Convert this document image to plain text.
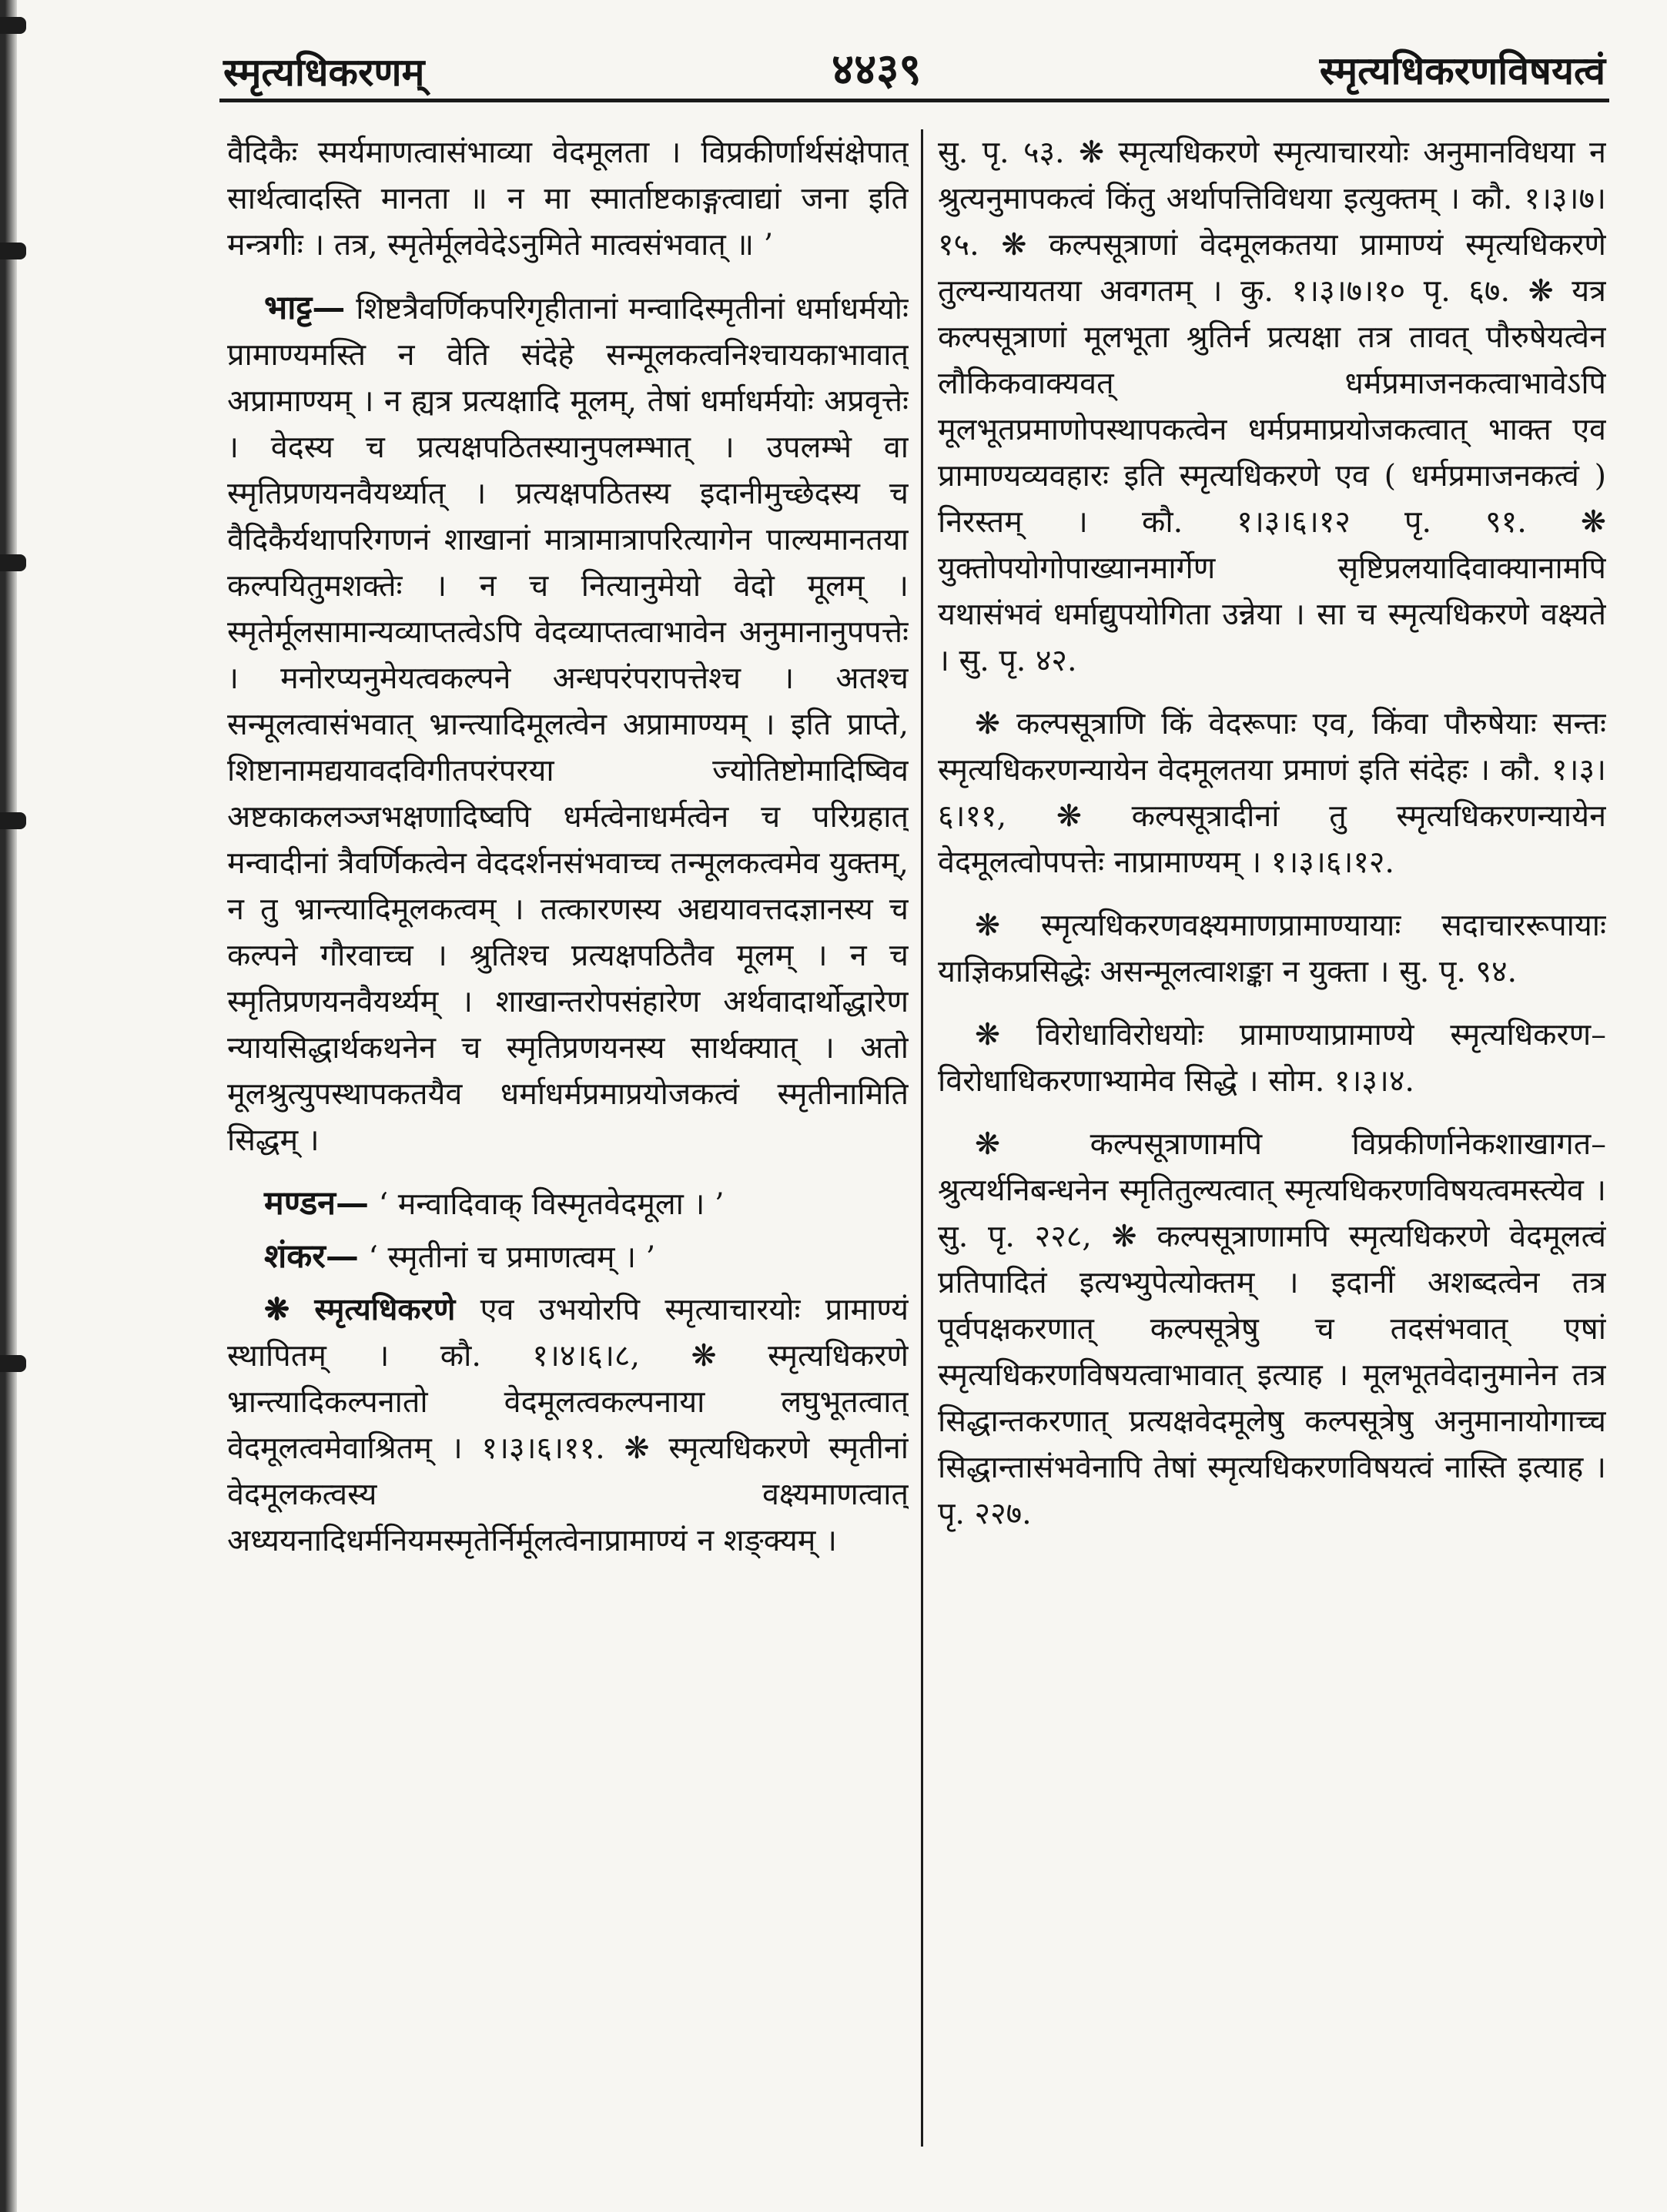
स्मृत्यधिकरणम्	४४३९	स्मृत्यधिकरणविषयत्वं

वैदिकैः स्मर्यमाणत्वासंभाव्या वेदमूलता । विप्रकीर्णार्थसंक्षेपात् सार्थत्वादस्ति मानता ॥ न मा स्मार्ताष्टकाङ्गत्वाद्यां जना इति मन्त्रगीः । तत्र, स्मृतेर्मूलवेदेऽनुमिते मात्वसंभवात् ॥ ’

भाट्ट— शिष्टत्रैवर्णिकपरिगृहीतानां मन्वादिस्मृतीनां धर्माधर्मयोः प्रामाण्यमस्ति न वेति संदेहे सन्मूलकत्वनिश्चायकाभावात् अप्रामाण्यम् । न ह्यत्र प्रत्यक्षादि मूलम्, तेषां धर्माधर्मयोः अप्रवृत्तेः । वेदस्य च प्रत्यक्षपठितस्यानुपलम्भात् । उपलम्भे वा स्मृतिप्रणयनवैयर्थ्यात् । प्रत्यक्षपठितस्य इदानीमुच्छेदस्य च वैदिकैर्यथापरिगणनं शाखानां मात्रामात्रापरित्यागेन पाल्यमानतया कल्पयितुमशक्तेः । न च नित्यानुमेयो वेदो मूलम् । स्मृतेर्मूलसामान्यव्याप्तत्वेऽपि वेदव्याप्तत्वाभावेन अनुमानानुपपत्तेः । मनोरप्यनुमेयत्वकल्पने अन्धपरंपरापत्तेश्च । अतश्च सन्मूलत्वासंभवात् भ्रान्त्यादिमूलत्वेन अप्रामाण्यम् । इति प्राप्ते, शिष्टानामद्ययावदविगीतपरंपरया ज्योतिष्टोमादिष्विव अष्टकाकलञ्जभक्षणादिष्वपि धर्मत्वेनाधर्मत्वेन च परिग्रहात् मन्वादीनां त्रैवर्णिकत्वेन वेददर्शनसंभवाच्च तन्मूलकत्वमेव युक्तम्, न तु भ्रान्त्यादिमूलकत्वम् । तत्कारणस्य अद्ययावत्तदज्ञानस्य च कल्पने गौरवाच्च । श्रुतिश्च प्रत्यक्षपठितैव मूलम् । न च स्मृतिप्रणयनवैयर्थ्यम् । शाखान्तरोपसंहारेण अर्थवादार्थोद्धारेण न्यायसिद्धार्थकथनेन च स्मृतिप्रणयनस्य सार्थक्यात् । अतो मूलश्रुत्युपस्थापकतयैव धर्माधर्मप्रमाप्रयोजकत्वं स्मृतीनामिति सिद्धम् ।

मण्डन— ‘ मन्वादिवाक् विस्मृतवेदमूला । ’

शंकर— ‘ स्मृतीनां च प्रमाणत्वम् । ’

❋ स्मृत्यधिकरणे एव उभयोरपि स्मृत्याचारयोः प्रामाण्यं स्थापितम् । कौ. १।४।६।८, ❋ स्मृत्यधिकरणे भ्रान्त्यादिकल्पनातो वेदमूलत्वकल्पनाया लघुभूतत्वात् वेदमूलत्वमेवाश्रितम् । १।३।६।११. ❋ स्मृत्यधिकरणे स्मृतीनां वेदमूलकत्वस्य वक्ष्यमाणत्वात् अध्ययनादिधर्मनियमस्मृतेर्निर्मूलत्वेनाप्रामाण्यं न शङ्क्यम् ।

सु. पृ. ५३. ❋ स्मृत्यधिकरणे स्मृत्याचारयोः अनुमानविधया न श्रुत्यनुमापकत्वं किंतु अर्थापत्तिविधया इत्युक्तम् । कौ. १।३।७।१५. ❋ कल्पसूत्राणां वेदमूलकतया प्रामाण्यं स्मृत्यधिकरणे तुल्यन्यायतया अवगतम् । कु. १।३।७।१० पृ. ६७. ❋ यत्र कल्पसूत्राणां मूलभूता श्रुतिर्न प्रत्यक्षा तत्र तावत् पौरुषेयत्वेन लौकिकवाक्यवत् धर्मप्रमाजनकत्वाभावेऽपि मूलभूतप्रमाणोपस्थापकत्वेन धर्मप्रमाप्रयोजकत्वात् भाक्त एव प्रामाण्यव्यवहारः इति स्मृत्यधिकरणे एव ( धर्मप्रमाजनकत्वं ) निरस्तम् । कौ. १।३।६।१२ पृ. ९१. ❋ युक्तोपयोगोपाख्यानमार्गेण सृष्टिप्रलयादिवाक्यानामपि यथासंभवं धर्माद्युपयोगिता उन्नेया । सा च स्मृत्यधिकरणे वक्ष्यते । सु. पृ. ४२.

❋ कल्पसूत्राणि किं वेदरूपाः एव, किंवा पौरुषेयाः सन्तः स्मृत्यधिकरणन्यायेन वेदमूलतया प्रमाणं इति संदेहः । कौ. १।३।६।११, ❋ कल्पसूत्रादीनां तु स्मृत्यधिकरणन्यायेन वेदमूलत्वोपपत्तेः नाप्रामाण्यम् । १।३।६।१२.

❋ स्मृत्यधिकरणवक्ष्यमाणप्रामाण्यायाः सदाचाररूपायाः याज्ञिकप्रसिद्धेः असन्मूलत्वाशङ्का न युक्ता । सु. पृ. ९४.

❋ विरोधाविरोधयोः प्रामाण्याप्रामाण्ये स्मृत्यधिकरण–विरोधाधिकरणाभ्यामेव सिद्धे । सोम. १।३।४.

❋ कल्पसूत्राणामपि विप्रकीर्णानेकशाखागत–श्रुत्यर्थनिबन्धनेन स्मृतितुल्यत्वात् स्मृत्यधिकरणविषयत्वमस्त्येव । सु. पृ. २२८, ❋ कल्पसूत्राणामपि स्मृत्यधिकरणे वेदमूलत्वं प्रतिपादितं इत्यभ्युपेत्योक्तम् । इदानीं अशब्दत्वेन तत्र पूर्वपक्षकरणात् कल्पसूत्रेषु च तदसंभवात् एषां स्मृत्यधिकरणविषयत्वाभावात् इत्याह । मूलभूतवेदानुमानेन तत्र सिद्धान्तकरणात् प्रत्यक्षवेदमूलेषु कल्पसूत्रेषु अनुमानायोगाच्च सिद्धान्तासंभवेनापि तेषां स्मृत्यधिकरणविषयत्वं नास्ति इत्याह । पृ. २२७.
